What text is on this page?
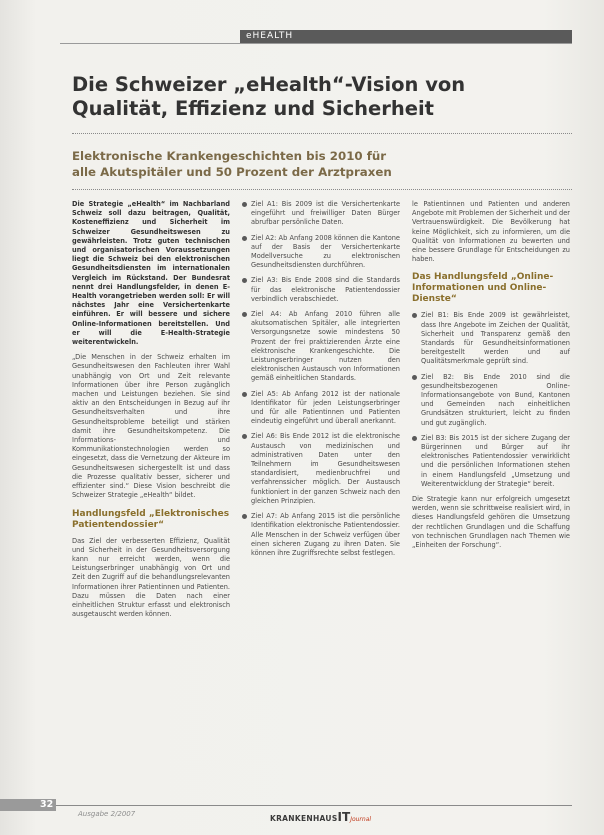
eHEALTH
Die Schweizer „eHealth“-Vision von Qualität, Effizienz und Sicherheit
Elektronische Krankengeschichten bis 2010 für alle Akutspitäler und 50 Prozent der Arztpraxen

Die Strategie „eHealth“ im Nachbarland Schweiz soll dazu beitragen, Qualität, Kosteneffizienz und Sicherheit im Schweizer Gesundheitswesen zu gewährleisten. Trotz guten technischen und organisatorischen Voraussetzungen liegt die Schweiz bei den elektronischen Gesundheitsdiensten im internationalen Vergleich im Rückstand. Der Bundesrat nennt drei Handlungsfelder, in denen E-Health vorangetrieben werden soll: Er will nächstes Jahr eine Versichertenkarte einführen. Er will bessere und sichere Online-Informationen bereitstellen. Und er will die E-Health-Strategie weiterentwickeln.

„Die Menschen in der Schweiz erhalten im Gesundheitswesen den Fachleuten ihrer Wahl unabhängig von Ort und Zeit relevante Informationen über ihre Person zugänglich machen und Leistungen beziehen. Sie sind aktiv an den Entscheidungen in Bezug auf ihr Gesundheitsverhalten und ihre Gesundheitsprobleme beteiligt und stärken damit ihre Gesundheitskompetenz. Die Informations- und Kommunikationstechnologien werden so eingesetzt, dass die Vernetzung der Akteure im Gesundheitswesen sichergestellt ist und dass die Prozesse qualitativ besser, sicherer und effizienter sind.“ Diese Vision beschreibt die Schweizer Strategie „eHealth“ bildet.

Handlungsfeld „Elektronisches Patientendossier“

Das Ziel der verbesserten Effizienz, Qualität und Sicherheit in der Gesundheitsversorgung kann nur erreicht werden, wenn die Leistungserbringer unabhängig von Ort und Zeit den Zugriff auf die behandlungsrelevanten Informationen ihrer Patientinnen und Patienten. Dazu müssen die Daten nach einer einheitlichen Struktur erfasst und elektronisch ausgetauscht werden können.

Ziel A1: Bis 2009 ist die Versichertenkarte eingeführt und freiwilliger Daten Bürger abrufbar persönliche Daten.

Ziel A2: Ab Anfang 2008 können die Kantone auf der Basis der Versichertenkarte Modellversuche zu elektronischen Gesundheitsdiensten durchführen.

Ziel A3: Bis Ende 2008 sind die Standards für das elektronische Patientendossier verbindlich verabschiedet.

Ziel A4: Ab Anfang 2010 führen alle akutsomatischen Spitäler, alle integrierten Versorgungsnetze sowie mindestens 50 Prozent der frei praktizierenden Ärzte eine elektronische Krankengeschichte. Die Leistungserbringer nutzen den elektronischen Austausch von Informationen gemäß einheitlichen Standards.

Ziel A5: Ab Anfang 2012 ist der nationale Identifikator für jeden Leistungserbringer und für alle Patientinnen und Patienten eindeutig eingeführt und überall anerkannt.

Ziel A6: Bis Ende 2012 ist die elektronische Austausch von medizinischen und administrativen Daten unter den Teilnehmern im Gesundheitswesen standardisiert, medienbruchfrei und verfahrenssicher möglich. Der Austausch funktioniert in der ganzen Schweiz nach den gleichen Prinzipien.

Ziel A7: Ab Anfang 2015 ist die persönliche Identifikation elektronische Patientendossier. Alle Menschen in der Schweiz verfügen über einen sicheren Zugang zu ihren Daten. Sie können ihre Zugriffsrechte selbst festlegen.

le Patientinnen und Patienten und anderen Angebote mit Problemen der Sicherheit und der Vertrauenswürdigkeit. Die Bevölkerung hat keine Möglichkeit, sich zu informieren, um die Qualität von Informationen zu bewerten und eine bessere Grundlage für Entscheidungen zu haben.

Das Handlungsfeld „Online-Informationen und Online-Dienste“

Ziel B1: Bis Ende 2009 ist gewährleistet, dass Ihre Angebote im Zeichen der Qualität, Sicherheit und Transparenz gemäß den Standards für Gesundheitsinformationen bereitgestellt werden und auf Qualitätsmerkmale geprüft sind.

Ziel B2: Bis Ende 2010 sind die gesundheitsbezogenen Online-Informationsangebote von Bund, Kantonen und Gemeinden nach einheitlichen Grundsätzen strukturiert, leicht zu finden und gut zugänglich.

Ziel B3: Bis 2015 ist der sichere Zugang der Bürgerinnen und Bürger auf ihr elektronisches Patientendossier verwirklicht und die persönlichen Informationen stehen in einem Handlungsfeld „Umsetzung und Weiterentwicklung der Strategie“ bereit.

Die Strategie kann nur erfolgreich umgesetzt werden, wenn sie schrittweise realisiert wird, in dieses Handlungsfeld gehören die Umsetzung der rechtlichen Grundlagen und die Schaffung von technischen Grundlagen nach Themen wie „Einheiten der Forschung“.

32
Ausgabe 2/2007	KRANKENHAUSITJournal
